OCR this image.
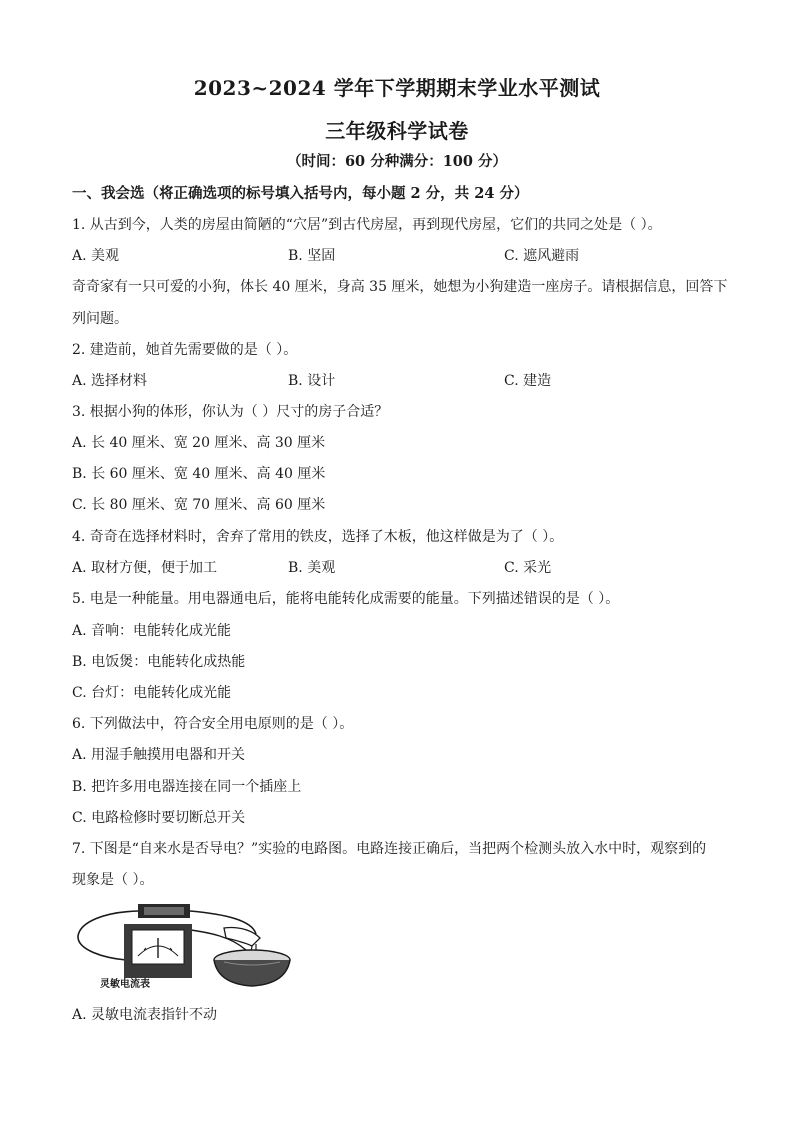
2023~2024 学年下学期期末学业水平测试
三年级科学试卷
（时间：60 分种满分：100 分）
一、我会选（将正确选项的标号填入括号内，每小题 2 分，共 24 分）
1. 从古到今，人类的房屋由简陋的“穴居”到古代房屋，再到现代房屋，它们的共同之处是（ ）。
A. 美观	B. 坚固	C. 遮风避雨
奇奇家有一只可爱的小狗，体长 40 厘米，身高 35 厘米，她想为小狗建造一座房子。请根据信息，回答下
列问题。
2. 建造前，她首先需要做的是（ ）。
A. 选择材料	B. 设计	C. 建造
3. 根据小狗的体形，你认为（ ）尺寸的房子合适？
A. 长 40 厘米、宽 20 厘米、高 30 厘米
B. 长 60 厘米、宽 40 厘米、高 40 厘米
C. 长 80 厘米、宽 70 厘米、高 60 厘米
4. 奇奇在选择材料时，舍弃了常用的铁皮，选择了木板，他这样做是为了（ ）。
A. 取材方便，便于加工	B. 美观	C. 采光
5. 电是一种能量。用电器通电后，能将电能转化成需要的能量。下列描述错误的是（ ）。
A. 音响：电能转化成光能
B. 电饭煲：电能转化成热能
C. 台灯：电能转化成光能
6. 下列做法中，符合安全用电原则的是（ ）。
A. 用湿手触摸用电器和开关
B. 把许多用电器连接在同一个插座上
C. 电路检修时要切断总开关
7. 下图是“自来水是否导电？”实验的电路图。电路连接正确后，当把两个检测头放入水中时，观察到的
现象是（ ）。
灵敏电流表
A. 灵敏电流表指针不动
